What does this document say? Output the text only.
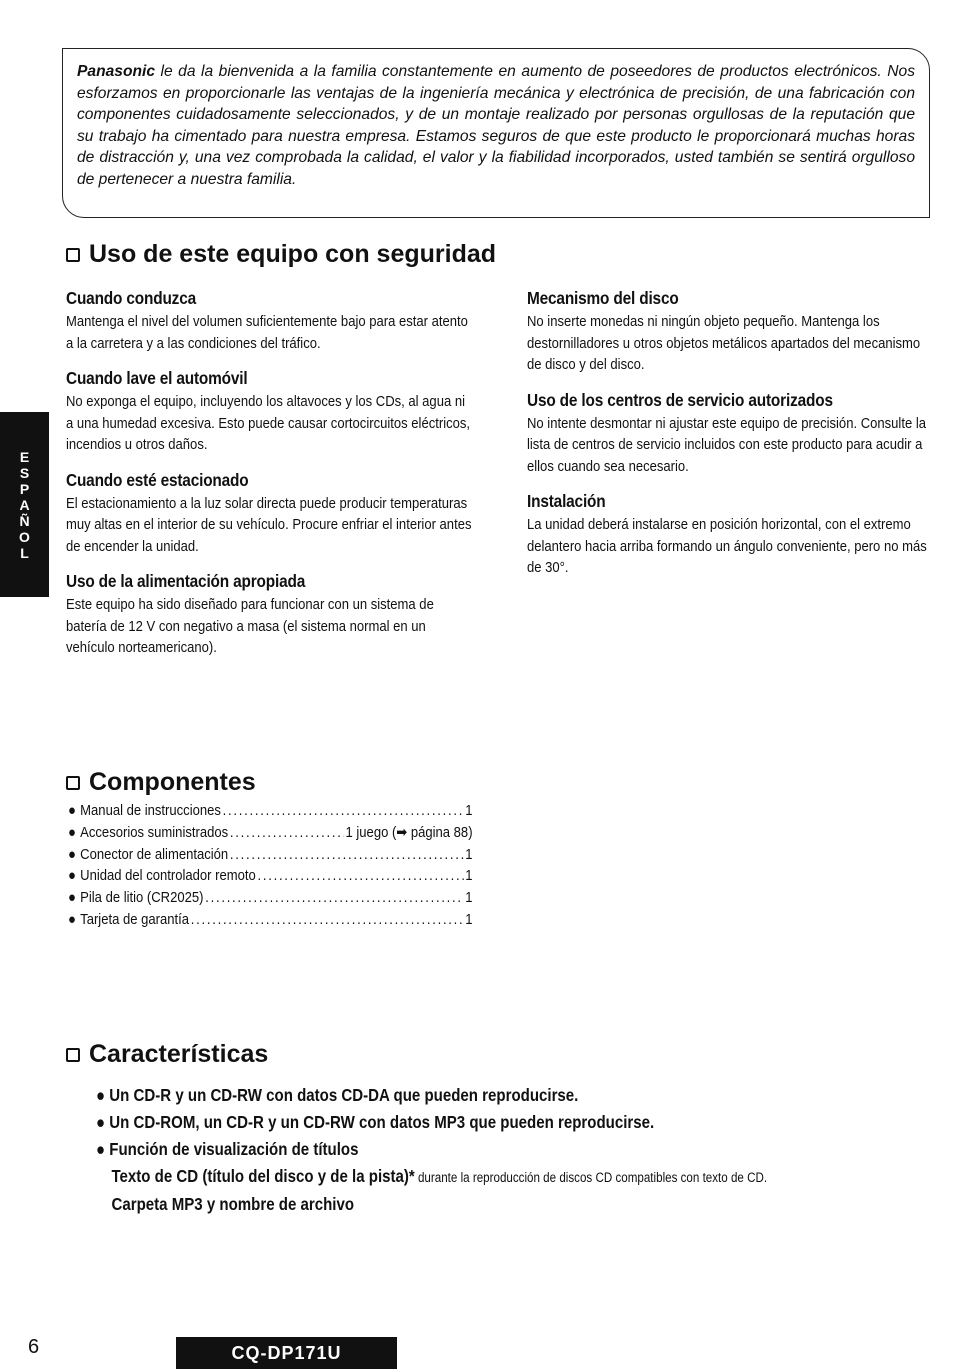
Panasonic le da la bienvenida a la familia constantemente en aumento de poseedores de productos electrónicos. Nos esforzamos en proporcionarle las ventajas de la ingeniería mecánica y electrónica de precisión, de una fabricación con componentes cuidadosamente seleccionados, y de un montaje realizado por personas orgullosas de la reputación que su trabajo ha cimentado para nuestra empresa. Estamos seguros de que este producto le proporcionará muchas horas de distracción y, una vez comprobada la calidad, el valor y la fiabilidad incorporados, usted también se sentirá orgulloso de pertenecer a nuestra familia.
E
S
P
A
Ñ
O
L
Uso de este equipo con seguridad
Cuando conduzca

Mantenga el nivel del volumen suficientemente bajo para estar atento a la carretera y a las condiciones del tráfico.

Cuando lave el automóvil

No exponga el equipo, incluyendo los altavoces y los CDs, al agua ni a una humedad excesiva. Esto puede causar cortocircuitos eléctricos, incendios u otros daños.

Cuando esté estacionado

El estacionamiento a la luz solar directa puede producir temperaturas muy altas en el interior de su vehículo. Procure enfriar el interior antes de encender la unidad.

Uso de la alimentación apropiada

Este equipo ha sido diseñado para funcionar con un sistema de batería de 12 V con negativo a masa (el sistema normal en un vehículo norteamericano).

Mecanismo del disco

No inserte monedas ni ningún objeto pequeño. Mantenga los destornilladores u otros objetos metálicos apartados del mecanismo de disco y del disco.

Uso de los centros de servicio autorizados

No intente desmontar ni ajustar este equipo de precisión. Consulte la lista de centros de servicio incluidos con este producto para acudir a ellos cuando sea necesario.

Instalación

La unidad deberá instalarse en posición horizontal, con el extremo delantero hacia arriba formando un ángulo conveniente, pero no más de 30°.

Componentes
● Manual de instrucciones .....	1
● Accesorios suministrados .....	1 juego (➡ página 88)
● Conector de alimentación .....	1
● Unidad del controlador remoto .....	1
● Pila de litio (CR2025) .....	1
● Tarjeta de garantía .....	1
Características
● Un CD-R y un CD-RW con datos CD-DA que pueden reproducirse.
● Un CD-ROM, un CD-R y un CD-RW con datos MP3 que pueden reproducirse.
● Función de visualización de títulos
Texto de CD (título del disco y de la pista)* durante la reproducción de discos CD compatibles con texto de CD.
Carpeta MP3 y nombre de archivo
6	CQ-DP171U
